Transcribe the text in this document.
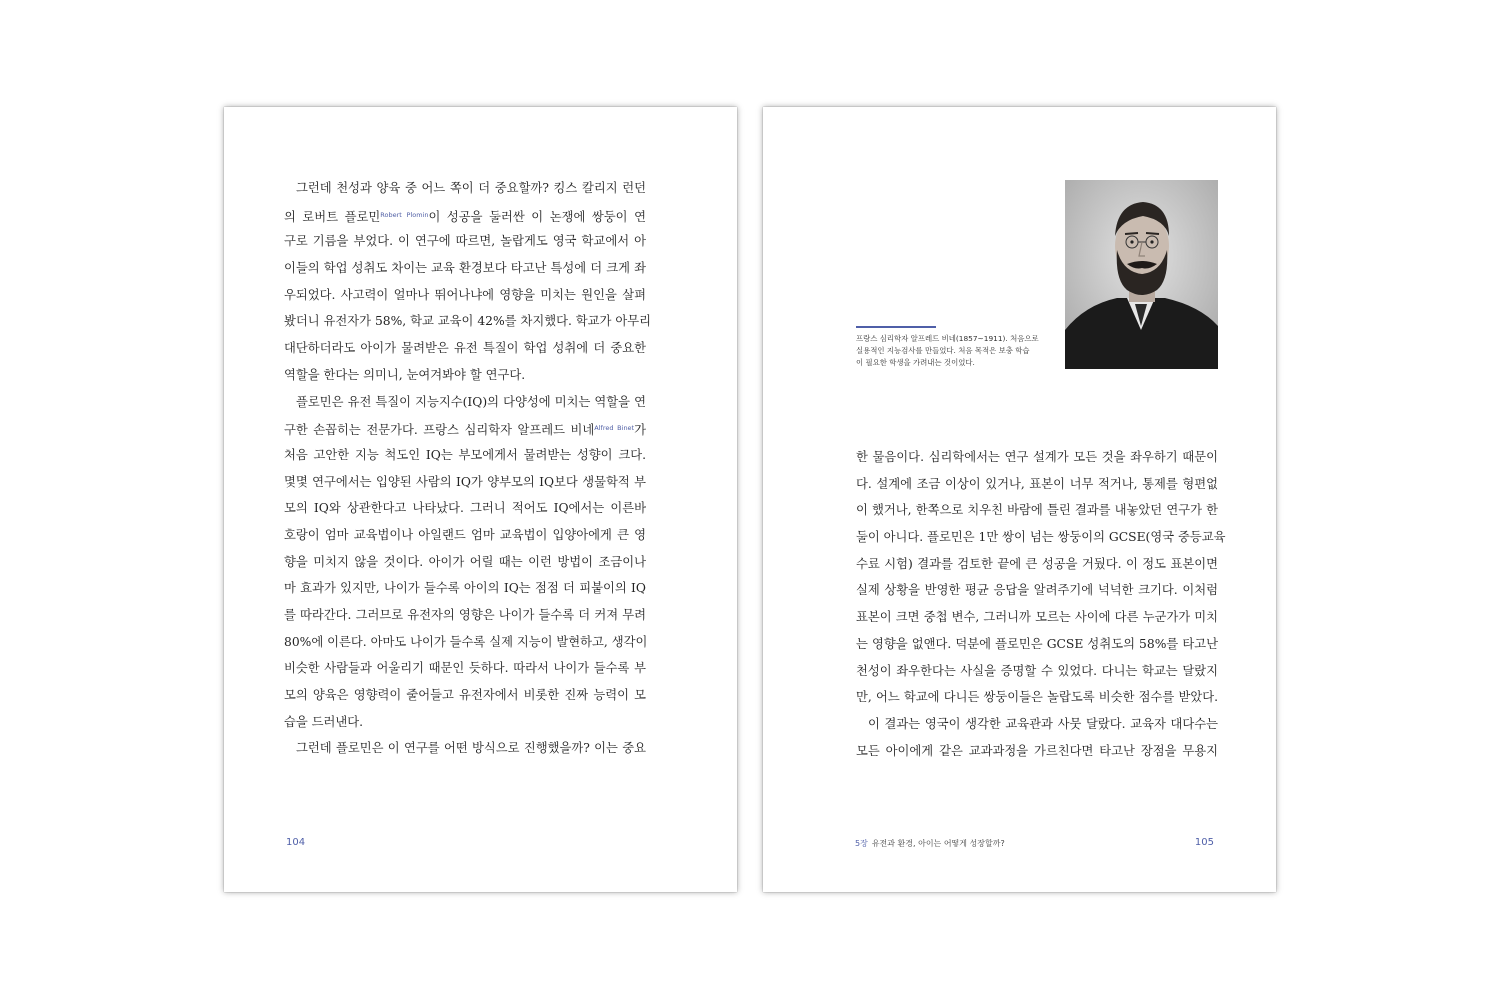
그런데 천성과 양육 중 어느 쪽이 더 중요할까? 킹스 칼리지 런던
의 로버트 플로민$^{Robert Plomin}$이 성공을 둘러싼 이 논쟁에 쌍둥이 연
구로 기름을 부었다. 이 연구에 따르면, 놀랍게도 영국 학교에서 아
이들의 학업 성취도 차이는 교육 환경보다 타고난 특성에 더 크게 좌
우되었다. 사고력이 얼마나 뛰어나냐에 영향을 미치는 원인을 살펴
봤더니 유전자가 58%, 학교 교육이 42%를 차지했다. 학교가 아무리
대단하더라도 아이가 물려받은 유전 특질이 학업 성취에 더 중요한
역할을 한다는 의미니, 눈여겨봐야 할 연구다.
플로민은 유전 특질이 지능지수(IQ)의 다양성에 미치는 역할을 연
구한 손꼽히는 전문가다. 프랑스 심리학자 알프레드 비네$^{Alfred Binet}$가
처음 고안한 지능 척도인 IQ는 부모에게서 물려받는 성향이 크다.
몇몇 연구에서는 입양된 사람의 IQ가 양부모의 IQ보다 생물학적 부
모의 IQ와 상관한다고 나타났다. 그러니 적어도 IQ에서는 이른바
호랑이 엄마 교육법이나 아일랜드 엄마 교육법이 입양아에게 큰 영
향을 미치지 않을 것이다. 아이가 어릴 때는 이런 방법이 조금이나
마 효과가 있지만, 나이가 들수록 아이의 IQ는 점점 더 피붙이의 IQ
를 따라간다. 그러므로 유전자의 영향은 나이가 들수록 더 커져 무려
80%에 이른다. 아마도 나이가 들수록 실제 지능이 발현하고, 생각이
비슷한 사람들과 어울리기 때문인 듯하다. 따라서 나이가 들수록 부
모의 양육은 영향력이 줄어들고 유전자에서 비롯한 진짜 능력이 모
습을 드러낸다.
그런데 플로민은 이 연구를 어떤 방식으로 진행했을까? 이는 중요
104
프랑스 심리학자 알프레드 비네(1857~1911). 처음으로
실용적인 지능검사를 만들었다. 처음 목적은 보충 학습
이 필요한 학생을 가려내는 것이었다.
한 물음이다. 심리학에서는 연구 설계가 모든 것을 좌우하기 때문이
다. 설계에 조금 이상이 있거나, 표본이 너무 적거나, 통제를 형편없
이 했거나, 한쪽으로 치우친 바람에 틀린 결과를 내놓았던 연구가 한
둘이 아니다. 플로민은 1만 쌍이 넘는 쌍둥이의 GCSE(영국 중등교육
수료 시험) 결과를 검토한 끝에 큰 성공을 거뒀다. 이 정도 표본이면
실제 상황을 반영한 평균 응답을 알려주기에 넉넉한 크기다. 이처럼
표본이 크면 중첩 변수, 그러니까 모르는 사이에 다른 누군가가 미치
는 영향을 없앤다. 덕분에 플로민은 GCSE 성취도의 58%를 타고난
천성이 좌우한다는 사실을 증명할 수 있었다. 다니는 학교는 달랐지
만, 어느 학교에 다니든 쌍둥이들은 놀랍도록 비슷한 점수를 받았다.
이 결과는 영국이 생각한 교육관과 사뭇 달랐다. 교육자 대다수는
모든 아이에게 같은 교과과정을 가르친다면 타고난 장점을 무용지
5장 유전과 환경, 아이는 어떻게 성장할까?	105
